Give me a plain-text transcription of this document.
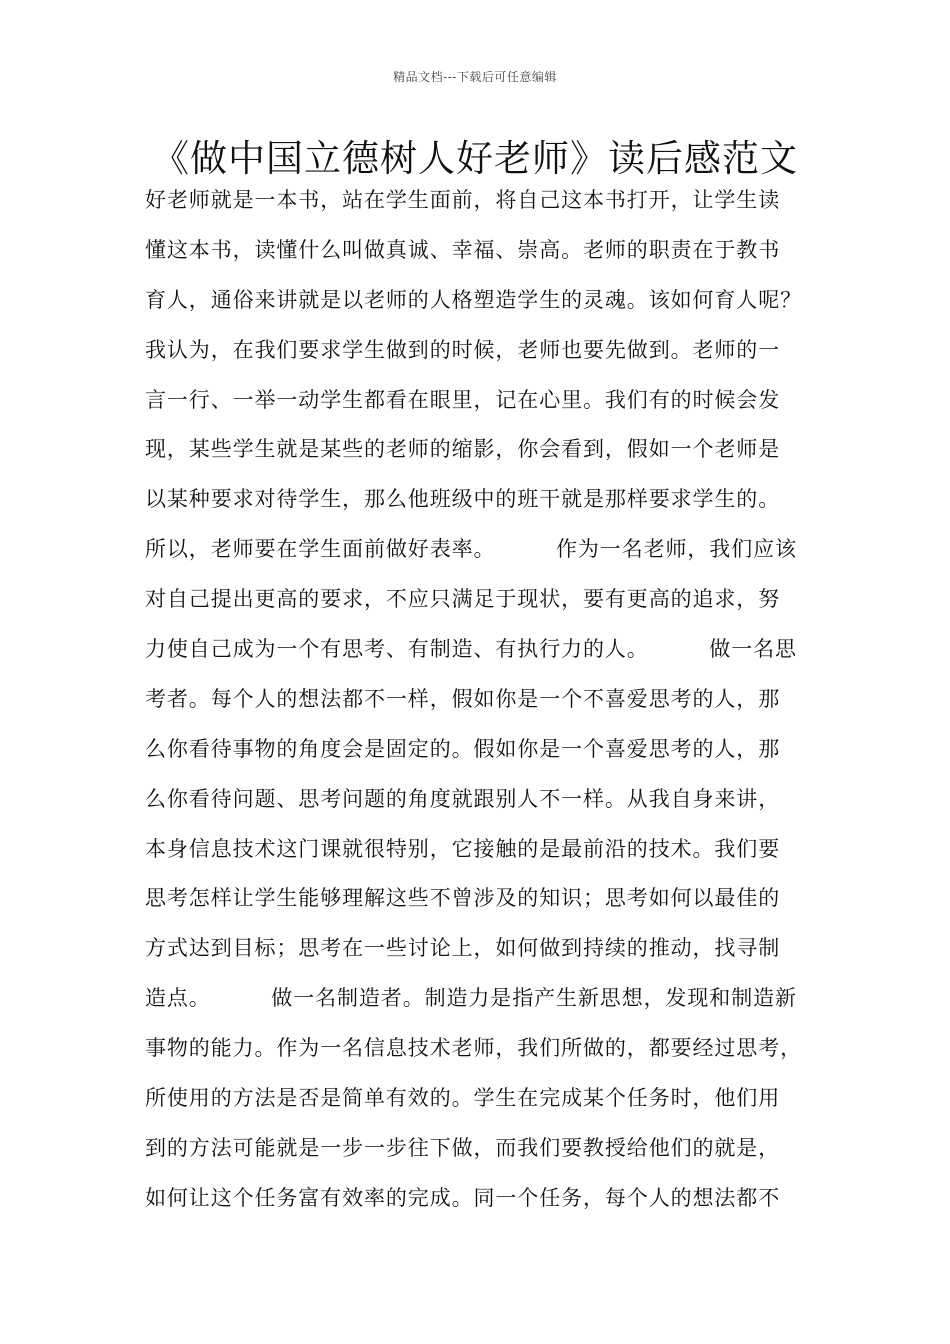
精品文档---下载后可任意编辑
《做中国立德树人好老师》读后感范文
好老师就是一本书，站在学生面前，将自己这本书打开，让学生读
懂这本书，读懂什么叫做真诚、幸福、崇高。老师的职责在于教书
育人，通俗来讲就是以老师的人格塑造学生的灵魂。该如何育人呢？
我认为，在我们要求学生做到的时候，老师也要先做到。老师的一
言一行、一举一动学生都看在眼里，记在心里。我们有的时候会发
现，某些学生就是某些的老师的缩影，你会看到，假如一个老师是
以某种要求对待学生，那么他班级中的班干就是那样要求学生的。
所以，老师要在学生面前做好表率。        作为一名老师，我们应该
对自己提出更高的要求，不应只满足于现状，要有更高的追求，努
力使自己成为一个有思考、有制造、有执行力的人。        做一名思
考者。每个人的想法都不一样，假如你是一个不喜爱思考的人，那
么你看待事物的角度会是固定的。假如你是一个喜爱思考的人，那
么你看待问题、思考问题的角度就跟别人不一样。从我自身来讲，
本身信息技术这门课就很特别，它接触的是最前沿的技术。我们要
思考怎样让学生能够理解这些不曾涉及的知识；思考如何以最佳的
方式达到目标；思考在一些讨论上，如何做到持续的推动，找寻制
造点。        做一名制造者。制造力是指产生新思想，发现和制造新
事物的能力。作为一名信息技术老师，我们所做的，都要经过思考，
所使用的方法是否是简单有效的。学生在完成某个任务时，他们用
到的方法可能就是一步一步往下做，而我们要教授给他们的就是，
如何让这个任务富有效率的完成。同一个任务，每个人的想法都不
